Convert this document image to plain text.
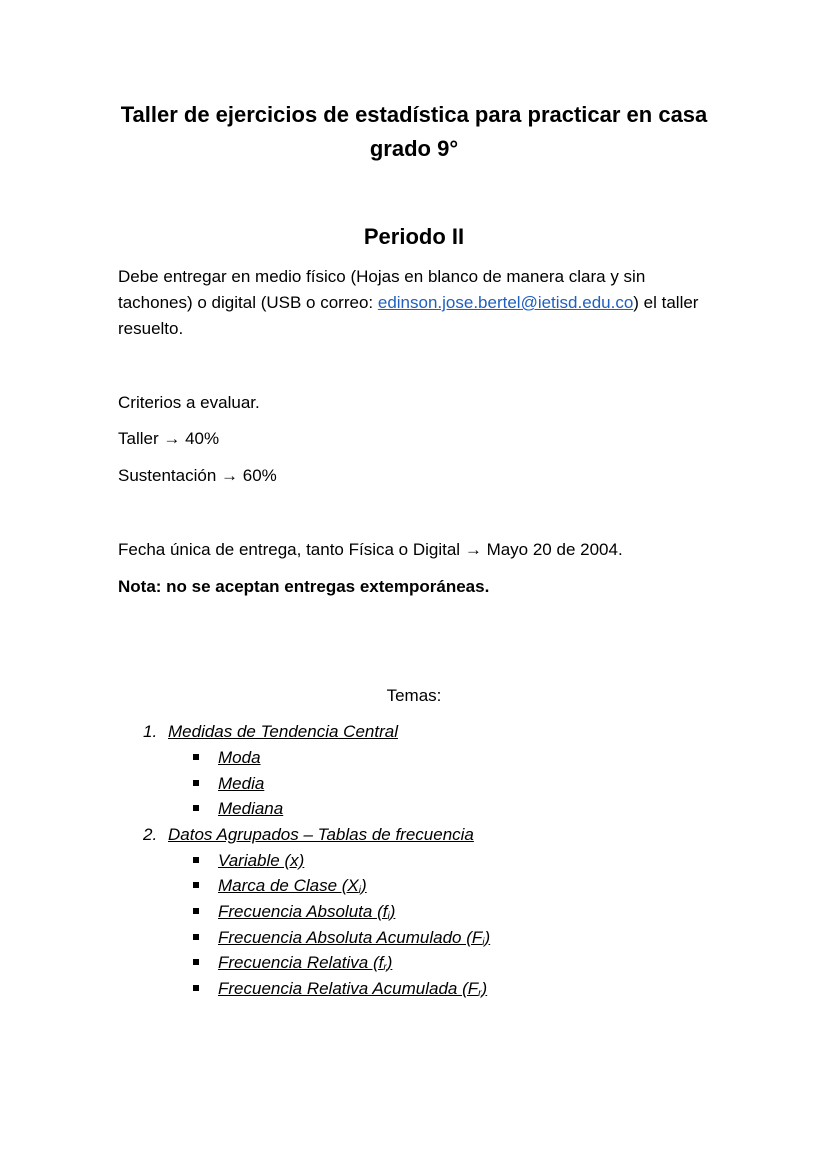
Taller de ejercicios de estadística para practicar en casa
grado 9°
Periodo II
Debe entregar en medio físico (Hojas en blanco de manera clara y sin tachones) o digital (USB o correo: edinson.jose.bertel@ietisd.edu.co) el taller resuelto.
Criterios a evaluar.
Taller → 40%
Sustentación → 60%
Fecha única de entrega, tanto Física o Digital → Mayo 20 de 2004.
Nota: no se aceptan entregas extemporáneas.
Temas:
1. Medidas de Tendencia Central
Moda
Media
Mediana
2. Datos Agrupados – Tablas de frecuencia
Variable (x)
Marca de Clase (Xi)
Frecuencia Absoluta (fi)
Frecuencia Absoluta Acumulado (Fi)
Frecuencia Relativa (fr)
Frecuencia Relativa Acumulada (Fr)
